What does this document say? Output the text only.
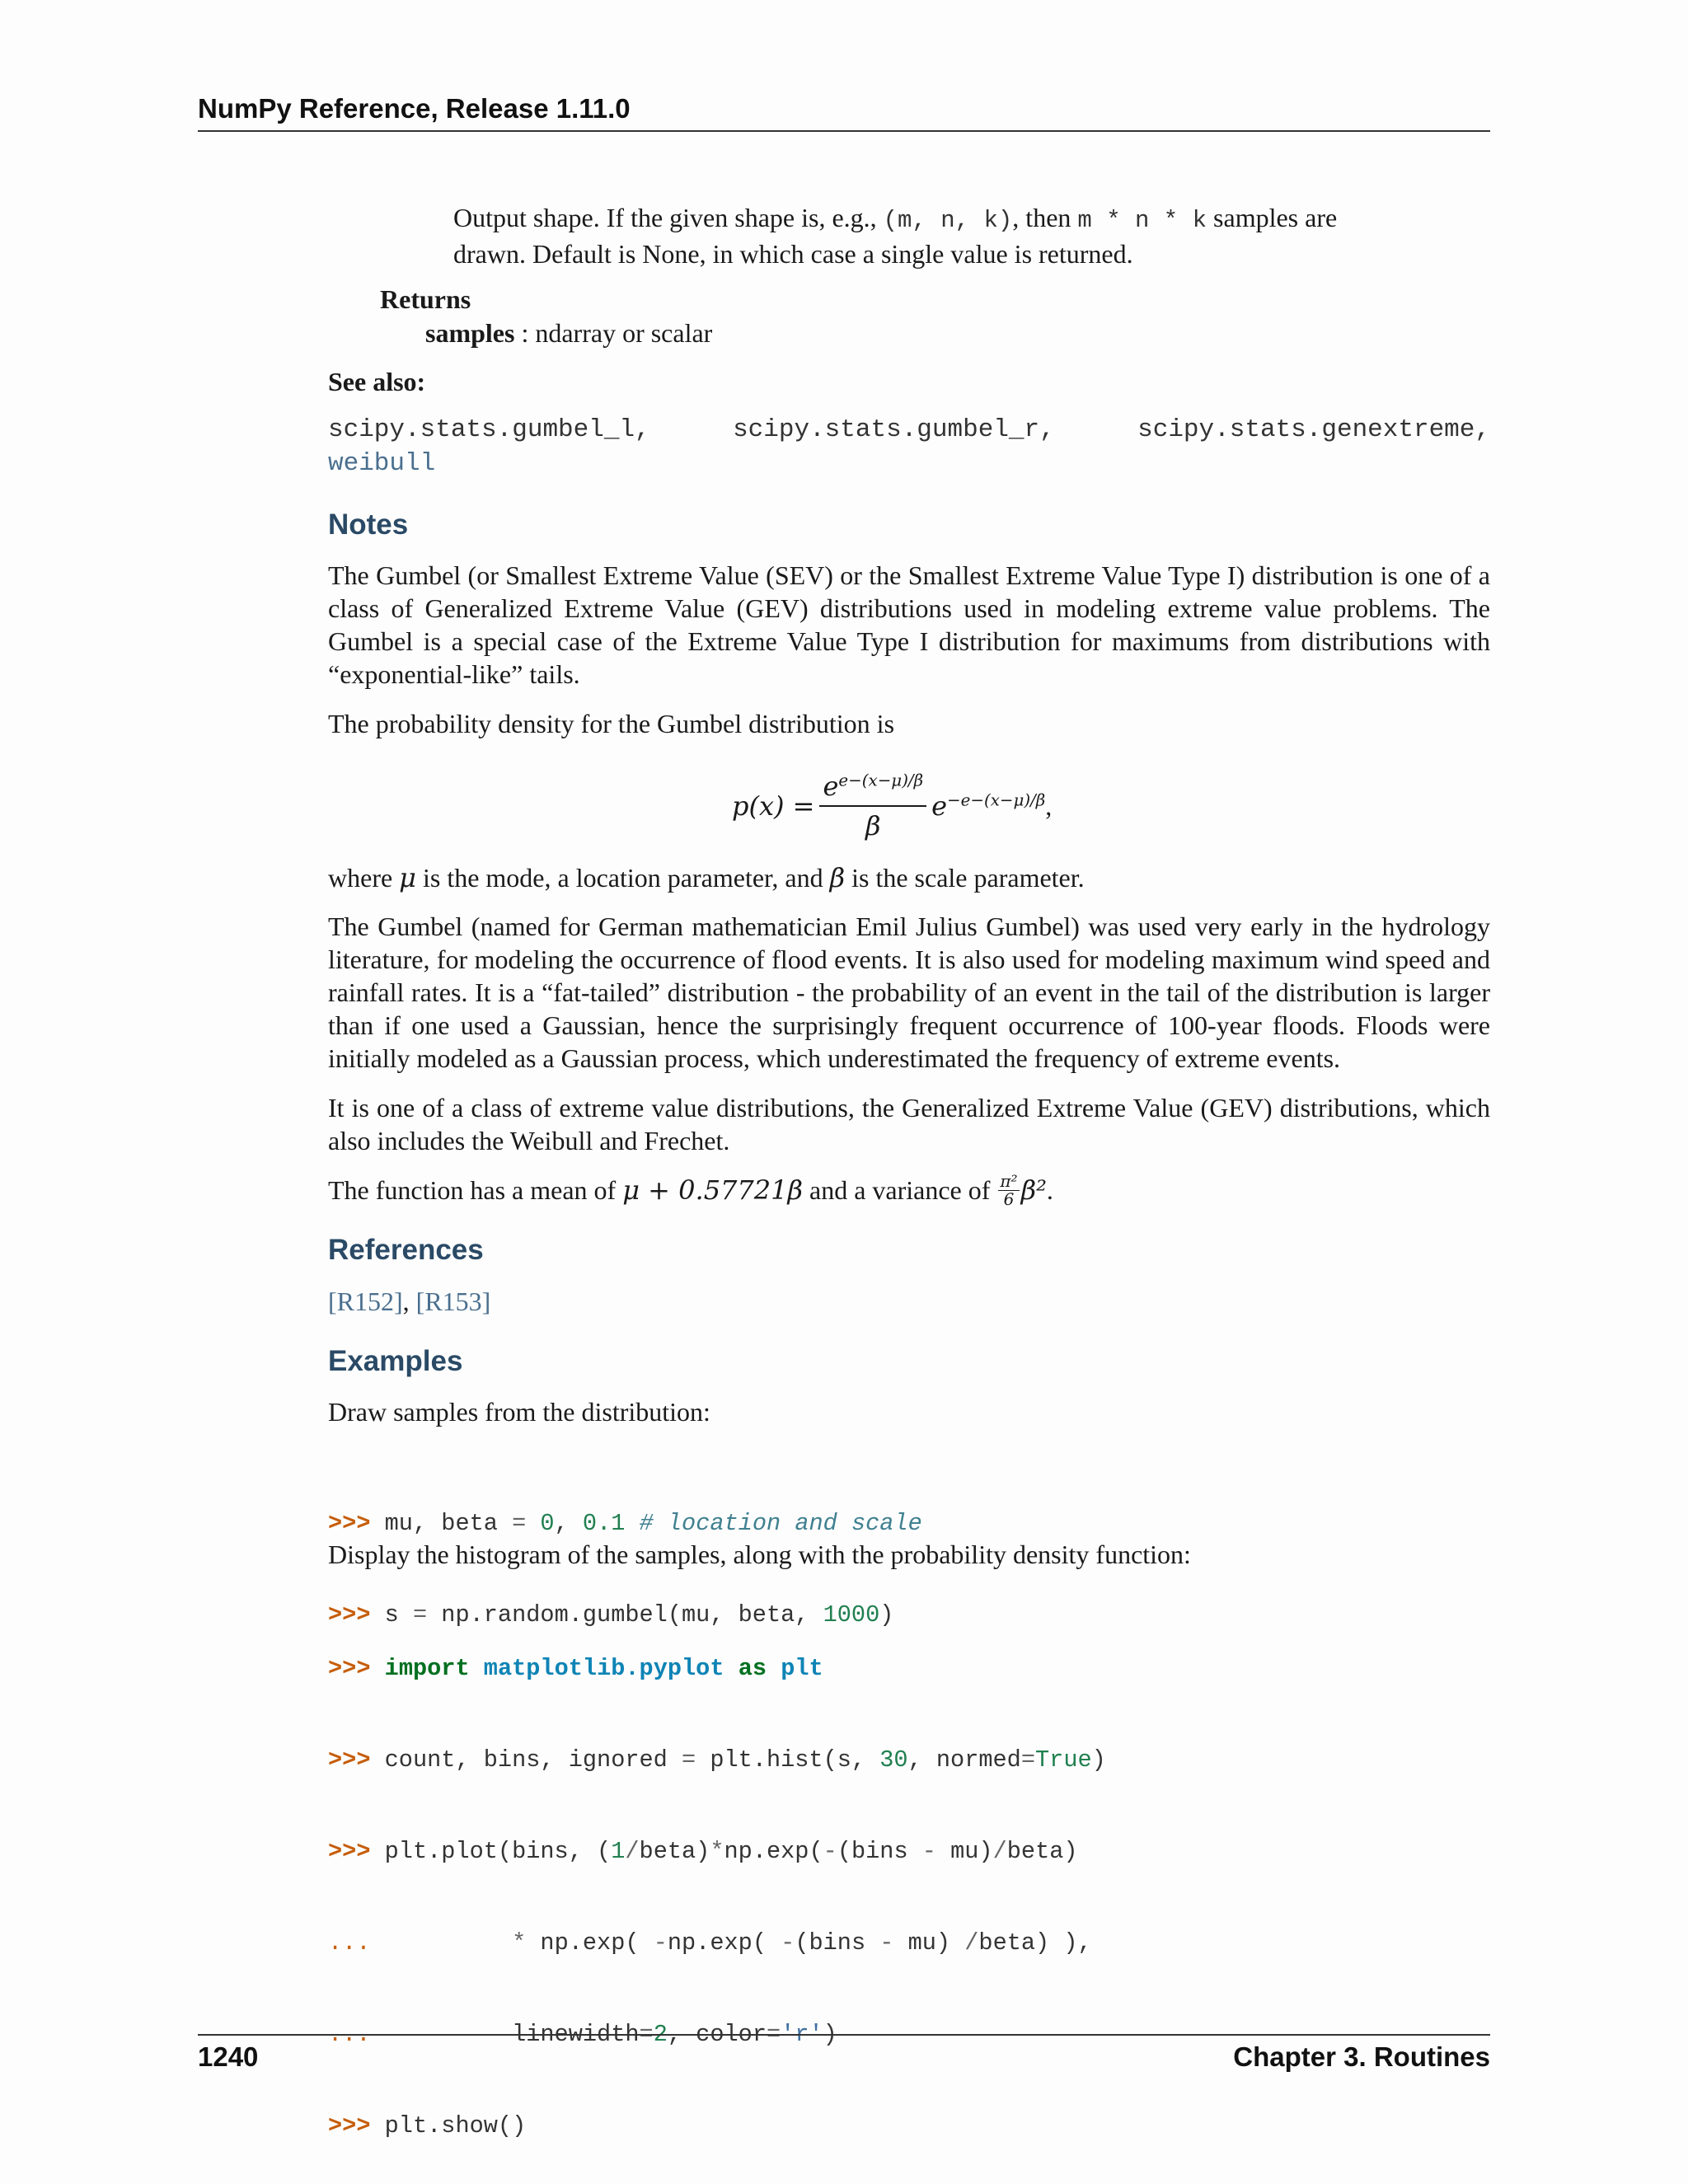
NumPy Reference, Release 1.11.0
Output shape. If the given shape is, e.g., (m, n, k), then m * n * k samples are
drawn. Default is None, in which case a single value is returned.
Returns
samples : ndarray or scalar
See also:
scipy.stats.gumbel_l,	scipy.stats.gumbel_r,	scipy.stats.genextreme,
weibull
Notes
The Gumbel (or Smallest Extreme Value (SEV) or the Smallest Extreme Value Type I) distribution is one of a class of Generalized Extreme Value (GEV) distributions used in modeling extreme value problems. The Gumbel is a special case of the Extreme Value Type I distribution for maximums from distributions with “exponential-like” tails.
The probability density for the Gumbel distribution is
$p(x) = \frac{e^{e-(x-\mu)/\beta}}{\beta} e^{-e-(x-\mu)/\beta}$ ,
where μ is the mode, a location parameter, and β is the scale parameter.
The Gumbel (named for German mathematician Emil Julius Gumbel) was used very early in the hydrology literature, for modeling the occurrence of flood events. It is also used for modeling maximum wind speed and rainfall rates. It is a “fat-tailed” distribution - the probability of an event in the tail of the distribution is larger than if one used a Gaussian, hence the surprisingly frequent occurrence of 100-year floods. Floods were initially modeled as a Gaussian process, which underestimated the frequency of extreme events.
It is one of a class of extreme value distributions, the Generalized Extreme Value (GEV) distributions, which also includes the Weibull and Frechet.
The function has a mean of μ + 0.57721β and a variance of $\frac{\text{π²}}{6} \beta^2$.
References
[R152], [R153]
Examples
Draw samples from the distribution:

>>> mu, beta = 0, 0.1 # location and scale

>>> s = np.random.gumbel(mu, beta, 1000)

Display the histogram of the samples, along with the probability density function:

>>> import matplotlib.pyplot as plt

>>> count, bins, ignored = plt.hist(s, 30, normed=True)

>>> plt.plot(bins, (1/beta)*np.exp(-(bins - mu)/beta)

...	* np.exp( -np.exp( -(bins - mu) /beta) ),

...          linewidth=2, color='r')

>>> plt.show()

1240	Chapter 3. Routines
